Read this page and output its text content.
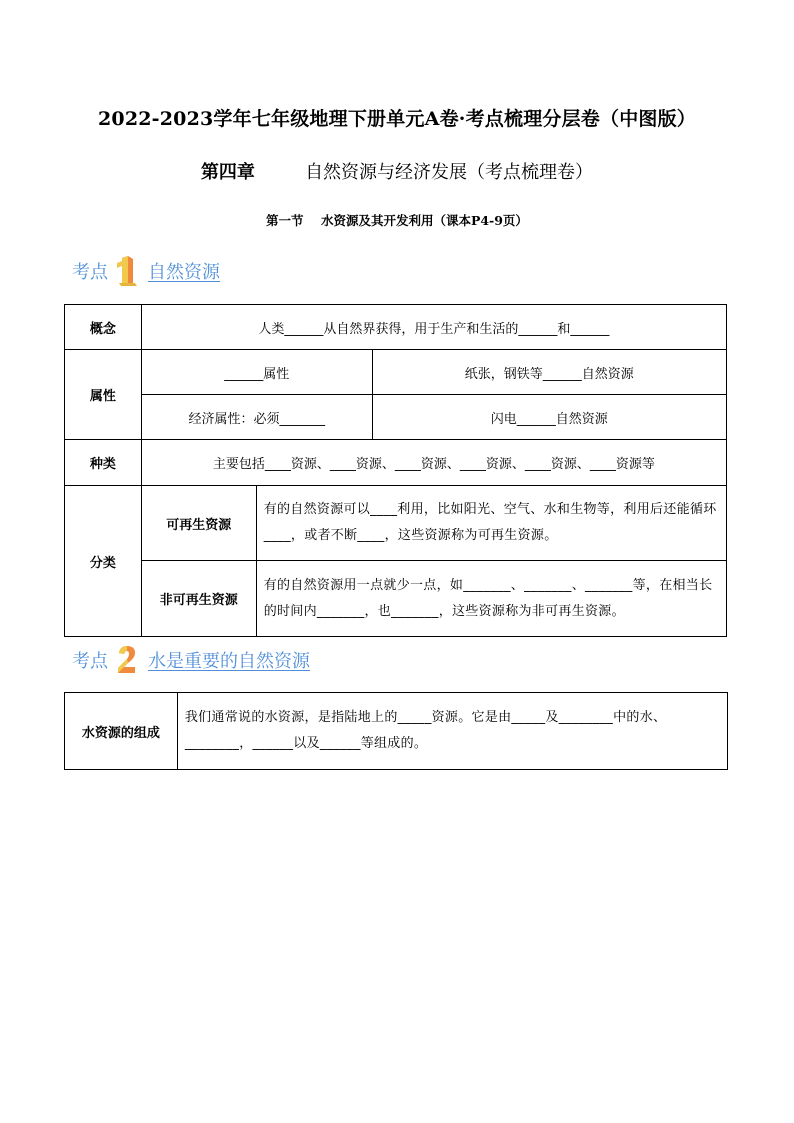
2022-2023学年七年级地理下册单元A卷·考点梳理分层卷（中图版）
第四章	自然资源与经济发展（考点梳理卷）
第一节    水资源及其开发利用（课本P4-9页）
考点 自然资源
概念	人类______从自然界获得，用于生产和生活的______和______		
属性	______属性		纸张，钢铁等______自然资源
	经济属性：必须_______		闪电______自然资源
种类	主要包括____资源、____资源、____资源、____资源、____资源、____资源等		
分类	可再生资源	有的自然资源可以____利用，比如阳光、空气、水和生物等，利用后还能循环____，或者不断____，这些资源称为可再生资源。	
	非可再生资源	有的自然资源用一点就少一点，如_______、_______、_______等，在相当长的时间内_______，也_______，这些资源称为非可再生资源。	
考点 水是重要的自然资源
水资源的组成	我们通常说的水资源，是指陆地上的_____资源。它是由_____及________中的水、________，______以及______等组成的。
